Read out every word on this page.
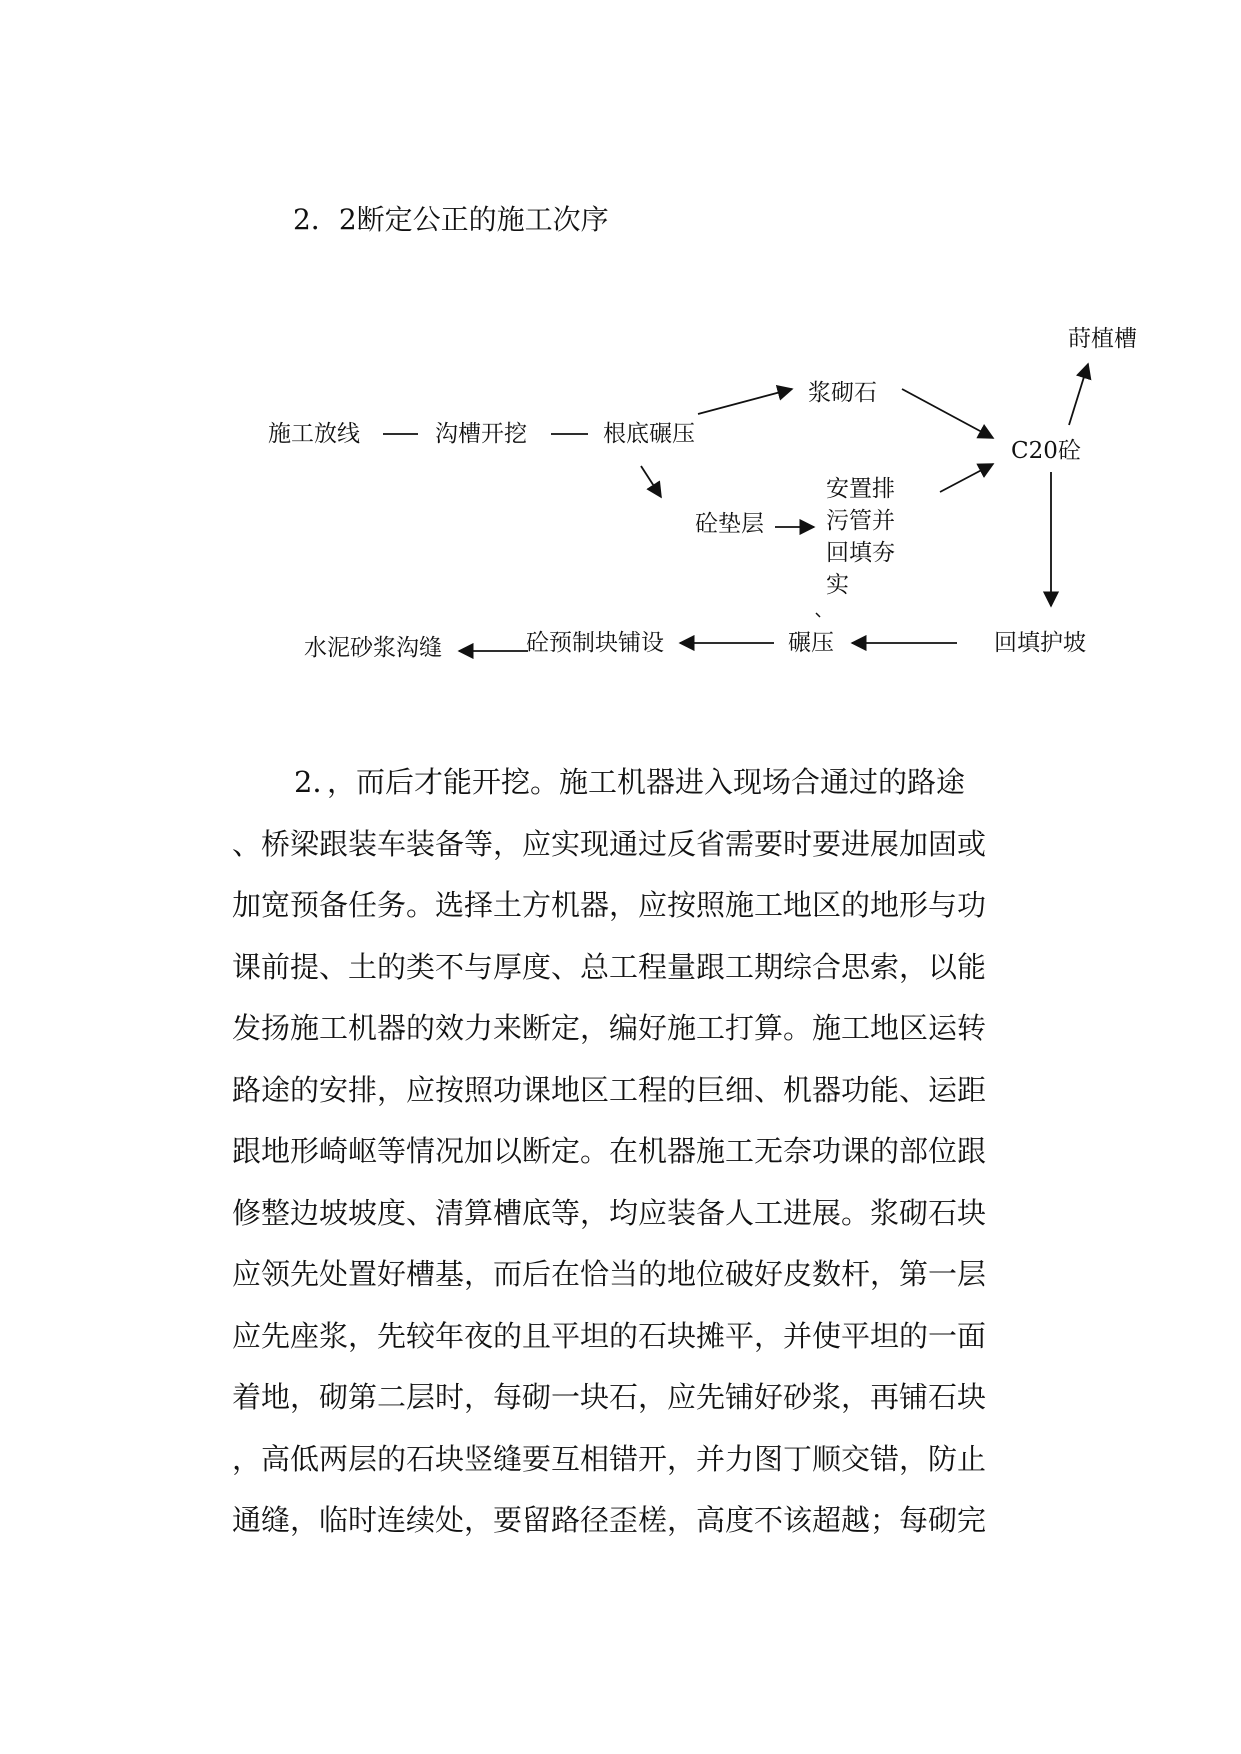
2．2断定公正的施工次序
施工放线	沟槽开挖	根底碾压
浆砌石
砼垫层
安置排污管并回填夯实
C20砼
莳植槽
回填护坡
碾压
砼预制块铺设
水泥砂浆沟缝
2．，而后才能开挖。施工机器进入现场合通过的路途
、桥梁跟装车装备等，应实现通过反省需要时要进展加固或
加宽预备任务。选择土方机器，应按照施工地区的地形与功
课前提、土的类不与厚度、总工程量跟工期综合思索，以能
发扬施工机器的效力来断定，编好施工打算。施工地区运转
路途的安排，应按照功课地区工程的巨细、机器功能、运距
跟地形崎岖等情况加以断定。在机器施工无奈功课的部位跟
修整边坡坡度、清算槽底等，均应装备人工进展。浆砌石块
应领先处置好槽基，而后在恰当的地位破好皮数杆，第一层
应先座浆，先较年夜的且平坦的石块摊平，并使平坦的一面
着地，砌第二层时，每砌一块石，应先铺好砂浆，再铺石块
，高低两层的石块竖缝要互相错开，并力图丁顺交错，防止
通缝，临时连续处，要留路径歪槎，高度不该超越；每砌完
